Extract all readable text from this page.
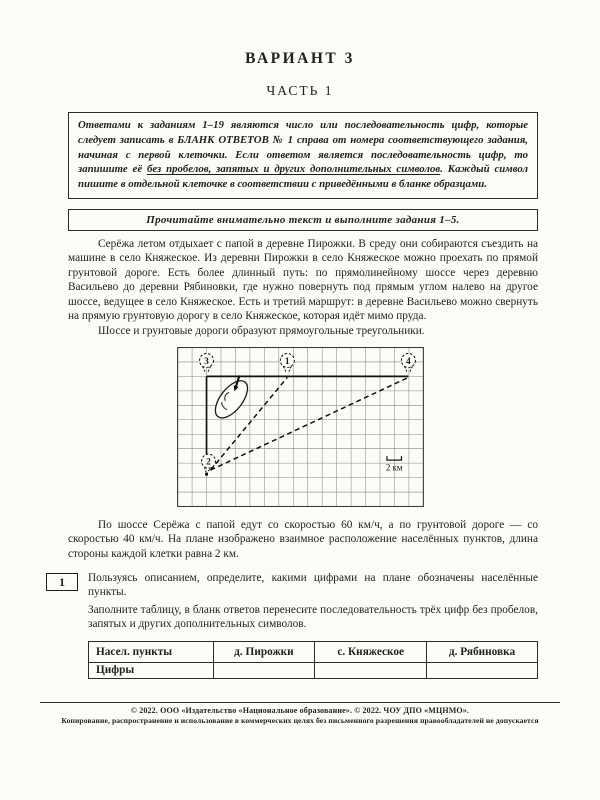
ВАРИАНТ 3
ЧАСТЬ 1
Ответами к заданиям 1–19 являются число или последовательность цифр, которые следует записать в БЛАНК ОТВЕТОВ № 1 справа от номера соответствующего задания, начиная с первой клеточки. Если ответом является последовательность цифр, то запишите её без пробелов, запятых и других дополнительных символов. Каждый символ пишите в отдельной клеточке в соответствии с приведёнными в бланке образцами.
Прочитайте внимательно текст и выполните задания 1–5.

Серёжа летом отдыхает с папой в деревне Пирожки. В среду они собираются съездить на машине в село Княжеское. Из деревни Пирожки в село Княжеское можно проехать по прямой грунтовой дороге. Есть более длинный путь: по прямолинейному шоссе через деревню Васильево до деревни Рябиновки, где нужно повернуть под прямым углом налево на другое шоссе, ведущее в село Княжеское. Есть и третий маршрут: в деревне Васильево можно свернуть на прямую грунтовую дорогу в село Княжеское, которая идёт мимо пруда.

Шоссе и грунтовые дороги образуют прямоугольные треугольники.

3	1	4
2
2 км

По шоссе Серёжа с папой едут со скоростью 60 км/ч, а по грунтовой дороге — со скоростью 40 км/ч. На плане изображено взаимное расположение населённых пунктов, длина стороны каждой клетки равна 2 км.

1	Пользуясь описанием, определите, какими цифрами на плане обозначены населённые пункты.

Заполните таблицу, в бланк ответов перенесите последовательность трёх цифр без пробелов, запятых и других дополнительных символов.

Насел. пункты	д. Пирожки	с. Княжеское	д. Рябиновка
Цифры			
© 2022. ООО «Издательство «Национальное образование». © 2022. ЧОУ ДПО «МЦНМО».
Копирование, распространение и использование в коммерческих целях без письменного разрешения правообладателей не допускается
